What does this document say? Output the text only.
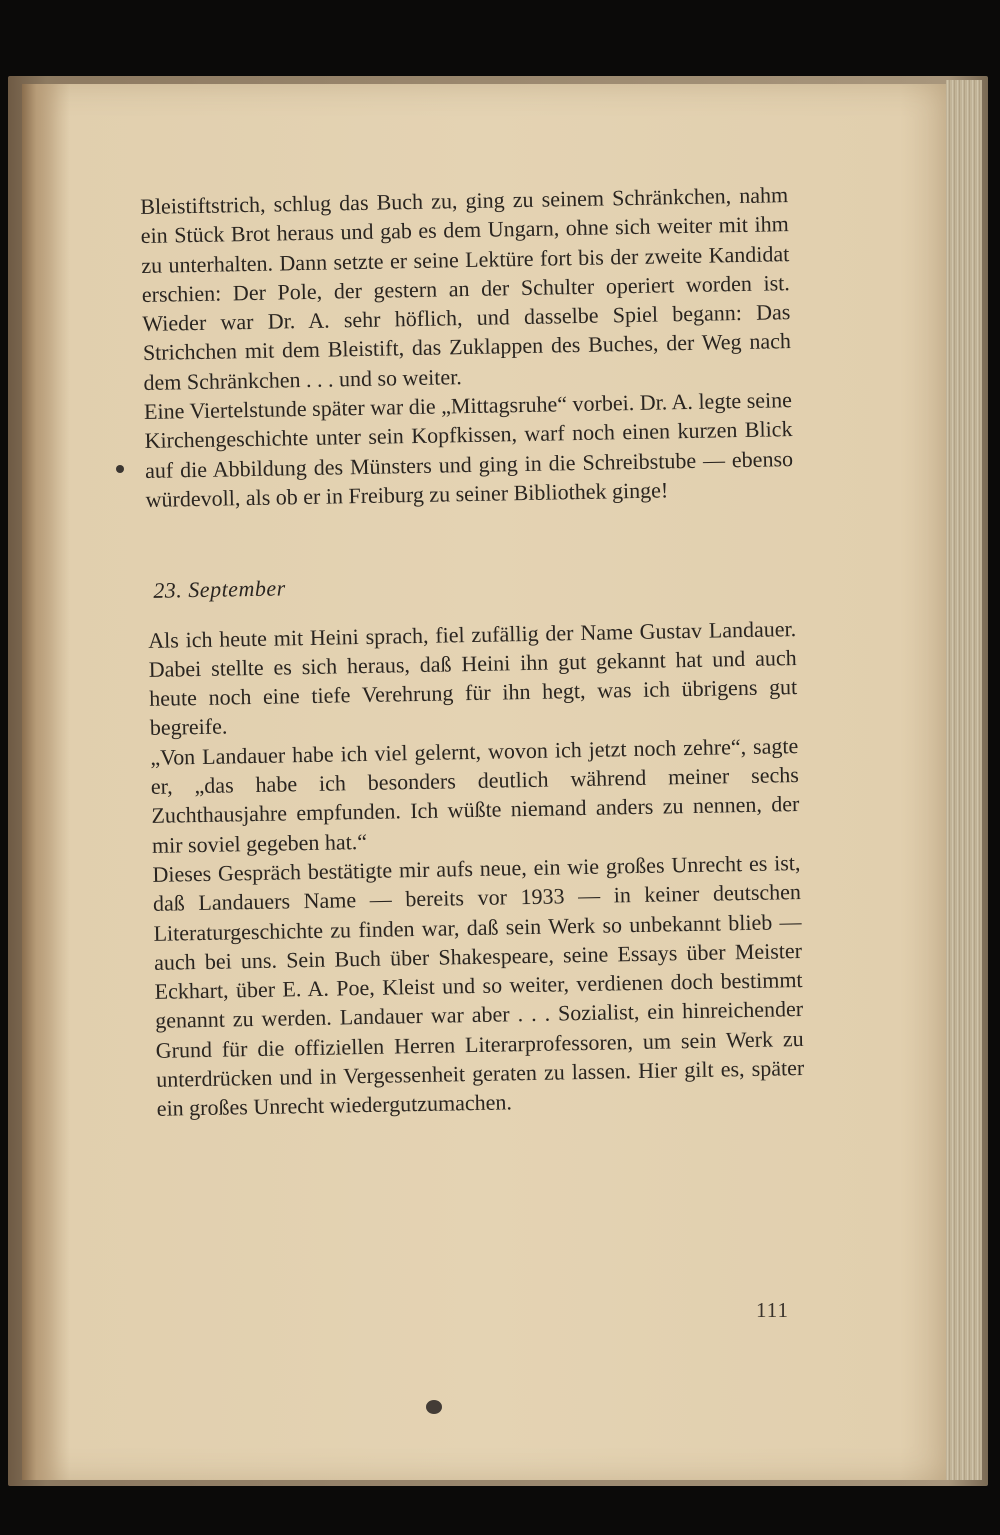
Bleistiftstrich, schlug das Buch zu, ging zu seinem Schränkchen, nahm ein Stück Brot heraus und gab es dem Ungarn, ohne sich weiter mit ihm zu unterhalten. Dann setzte er seine Lektüre fort bis der zweite Kandidat erschien: Der Pole, der gestern an der Schulter operiert worden ist. Wieder war Dr. A. sehr höflich, und dasselbe Spiel begann: Das Strichchen mit dem Bleistift, das Zuklappen des Buches, der Weg nach dem Schränkchen . . . und so weiter.

Eine Viertelstunde später war die „Mittagsruhe“ vorbei. Dr. A. legte seine Kirchengeschichte unter sein Kopfkissen, warf noch einen kurzen Blick auf die Abbildung des Münsters und ging in die Schreibstube — ebenso würdevoll, als ob er in Freiburg zu seiner Bibliothek ginge!

23. September

Als ich heute mit Heini sprach, fiel zufällig der Name Gustav Landauer. Dabei stellte es sich heraus, daß Heini ihn gut gekannt hat und auch heute noch eine tiefe Verehrung für ihn hegt, was ich übrigens gut begreife.

„Von Landauer habe ich viel gelernt, wovon ich jetzt noch zehre“, sagte er, „das habe ich besonders deutlich während meiner sechs Zuchthausjahre empfunden. Ich wüßte niemand anders zu nennen, der mir soviel gegeben hat.“

Dieses Gespräch bestätigte mir aufs neue, ein wie großes Unrecht es ist, daß Landauers Name — bereits vor 1933 — in keiner deutschen Literaturgeschichte zu finden war, daß sein Werk so unbekannt blieb — auch bei uns. Sein Buch über Shakespeare, seine Essays über Meister Eckhart, über E. A. Poe, Kleist und so weiter, verdienen doch bestimmt genannt zu werden. Landauer war aber . . . Sozialist, ein hinreichender Grund für die offiziellen Herren Literarprofessoren, um sein Werk zu unterdrücken und in Vergessenheit geraten zu lassen. Hier gilt es, später ein großes Unrecht wiedergutzumachen.

111
